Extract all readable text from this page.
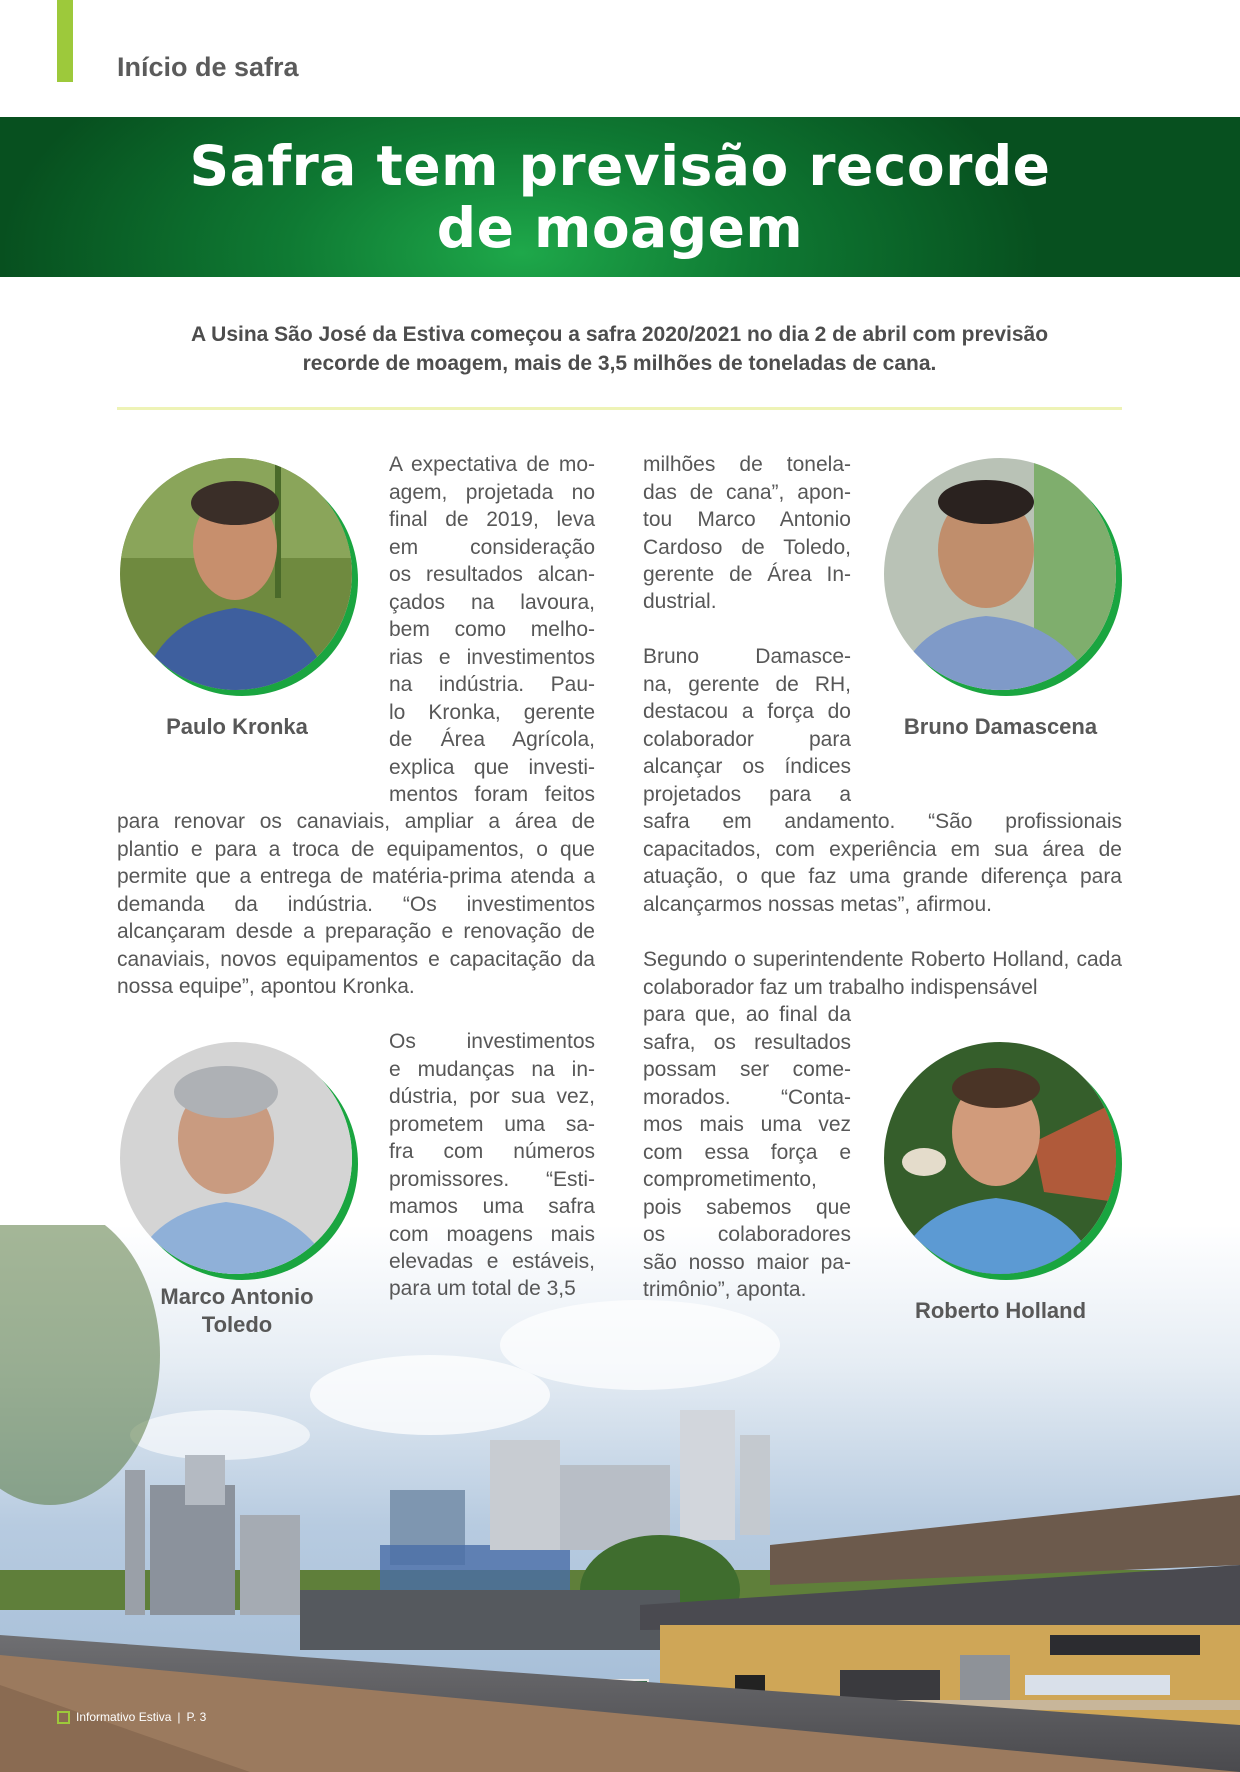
Início de safra
Safra tem previsão recorde
de moagem
A Usina São José da Estiva começou a safra 2020/2021 no dia 2 de abril com previsão
recorde de moagem, mais de 3,5 milhões de toneladas de cana.
Paulo Kronka	Bruno Damascena
Marco Antonio
Toledo
Roberto Holland
A expectativa de mo-
agem, projetada no
final de 2019, leva
em consideração
os resultados alcan-
çados na lavoura,
bem como melho-
rias e investimentos
na indústria. Pau-
lo Kronka, gerente
de Área Agrícola,
explica que investi-
mentos foram feitos
para renovar os canaviais, ampliar a área de plantio e para a troca de equipamentos, o que permite que a entrega de matéria-prima atenda a demanda da indústria. “Os investimentos alcançaram desde a preparação e renovação de canaviais, novos equipamentos e capacitação da nossa equipe”, apontou Kronka.
Os investimentos
e mudanças na in-
dústria, por sua vez,
prometem uma sa-
fra com números
promissores. “Esti-
mamos uma safra
com moagens mais
elevadas e estáveis,
para um total de 3,5
milhões de tonela-
das de cana”, apon-
tou Marco Antonio
Cardoso de Toledo,
gerente de Área In-
dustrial.
Bruno Damasce-
na, gerente de RH,
destacou a força do
colaborador para
alcançar os índices
projetados para a
safra em andamento. “São profissionais capacitados, com experiência em sua área de atuação, o que faz uma grande diferença para alcançarmos nossas metas”, afirmou.
Segundo o superintendente Roberto Holland, cada colaborador faz um trabalho indispensável
para que, ao final da
safra, os resultados
possam ser come-
morados. “Conta-
mos mais uma vez
com essa força e
comprometimento,
pois sabemos que
os colaboradores
são nosso maior pa-
trimônio”, aponta.
Informativo Estiva | P. 3
